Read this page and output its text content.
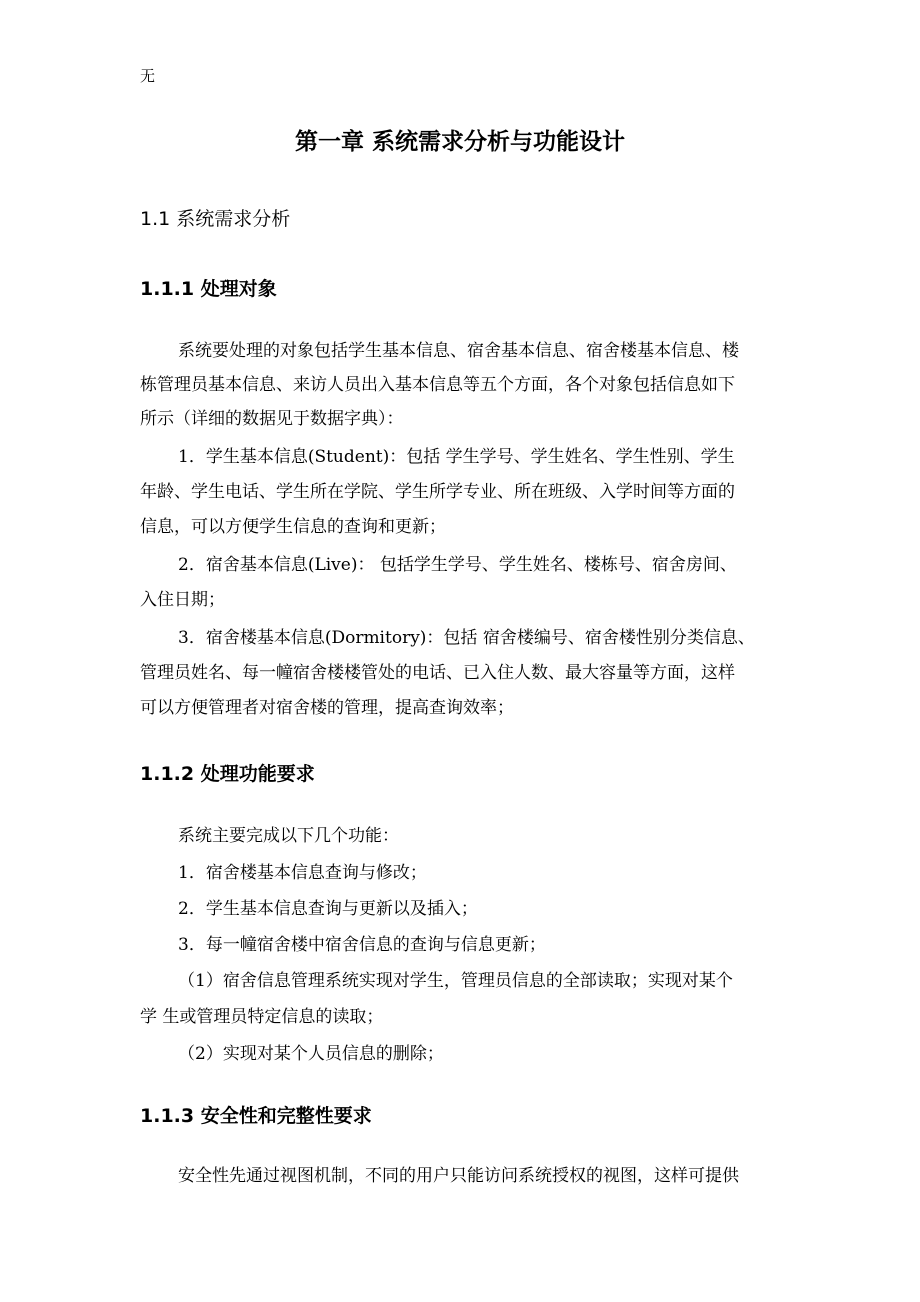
无
第一章 系统需求分析与功能设计
1.1 系统需求分析
1.1.1 处理对象
系统要处理的对象包括学生基本信息、宿舍基本信息、宿舍楼基本信息、楼
栋管理员基本信息、来访人员出入基本信息等五个方面，各个对象包括信息如下
所示（详细的数据见于数据字典）：
1．学生基本信息(Student)：包括 学生学号、学生姓名、学生性别、学生
年龄、学生电话、学生所在学院、学生所学专业、所在班级、入学时间等方面的
信息，可以方便学生信息的查询和更新；
2．宿舍基本信息(Live)： 包括学生学号、学生姓名、楼栋号、宿舍房间、
入住日期；
3．宿舍楼基本信息(Dormitory)：包括 宿舍楼编号、宿舍楼性别分类信息、
管理员姓名、每一幢宿舍楼楼管处的电话、已入住人数、最大容量等方面，这样
可以方便管理者对宿舍楼的管理，提高查询效率；
1.1.2 处理功能要求
系统主要完成以下几个功能：
1．宿舍楼基本信息查询与修改；
2．学生基本信息查询与更新以及插入；
3．每一幢宿舍楼中宿舍信息的查询与信息更新；
（1）宿舍信息管理系统实现对学生，管理员信息的全部读取；实现对某个
学 生或管理员特定信息的读取；
（2）实现对某个人员信息的删除；
1.1.3 安全性和完整性要求
安全性先通过视图机制，不同的用户只能访问系统授权的视图，这样可提供
